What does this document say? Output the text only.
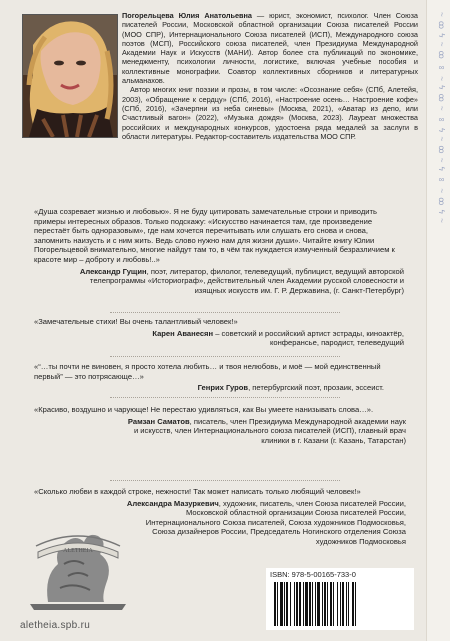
~ ꝏ ϟ ~ ꝏ ∞ ~ ϟ ꝏ ~ ∞ ϟ ~ ꝏ ~ ϟ ∞ ~ ꝏ ϟ ~

Погорельцева Юлия Анатольевна — юрист, экономист, психолог. Член Союза писателей России, Московской областной организации Союза писателей России (МОО СПР), Интернационального Союза писателей (ИСП), Международного союза поэтов (МСП), Российского союза писателей, член Президиума Международной Академии Наук и Искусств (МАНИ). Автор более ста публикаций по экономике, менеджменту, психологии личности, логистике, включая учебные пособия и коллективные монографии. Соавтор коллективных сборников и литературных альманахов.

Автор многих книг поэзии и прозы, в том числе: «Осознание себя» (СПб, Алетейя, 2003), «Обращение к сердцу» (СПб, 2016), «Настроение осень… Настроение кофе» (СПб, 2016), «Зачерпни из неба синевы» (Москва, 2021), «Аватар из депо, или Счастливый вагон» (2022), «Музыка дождя» (Москва, 2023). Лауреат множества российских и международных конкурсов, удостоена ряда медалей за заслуги в области литературы. Редактор-составитель издательства МОО СПР.

«Душа созревает жизнью и любовью». Я не буду цитировать замечательные строки и приводить примеры интересных образов. Только подскажу: «Искусство начинается там, где произведение перестаёт быть однорaзовым», где нам хочется перечитывать или слушать его снова и снова, запомнить наизусть и с ним жить. Ведь слово нужно нам для жизни души». Читайте книгу Юлии Погорельцевой внимательно, многие найдут там то, в чём так нуждается измученный безразличием к красоте мир – доброту и любовь!..»

Александр Гущин, поэт, литератор, филолог, телеведущий, публицист, ведущий авторской телепрограммы «Историограф», действительный член Академии русской словесности и изящных искусств им. Г. Р. Державина, (г. Санкт-Петербург)

«Замечательные стихи! Вы очень талантливый человек!»

Карен Аванесян – советский и российский артист эстрады, киноактёр, конферансье, пародист, телеведущий

«“…ты почти не виновен, я просто хотела любить… и твоя нелюбовь, и моё — мой единственный первый” — это потрясающе…»

Генрих Гуров, петербургский поэт, прозаик, эссеист.

«Красиво, воздушно и чарующе! Не перестаю удивляться, как Вы умеете нанизывать слова…».

Рамзан Саматов, писатель, член Президиума Международной академии наук и искусств, член Интернационального союза писателей (ИСП), главный врач клиники в г. Казани (г. Казань, Татарстан)

«Сколько любви в каждой строке, нежности! Так может написать только любящий человек!»

Александра Мазуркевич, художник, писатель, член Союза писателей России, Московской областной организации Союза писателей России, Интернационального Союза писателей, Союза художников Подмосковья, Союза дизайнеров России, Председатель Ногинского отделения Союза художников Подмосковья

ALETHEIA
aletheia.spb.ru
ISBN: 978-5-00165-733-0
